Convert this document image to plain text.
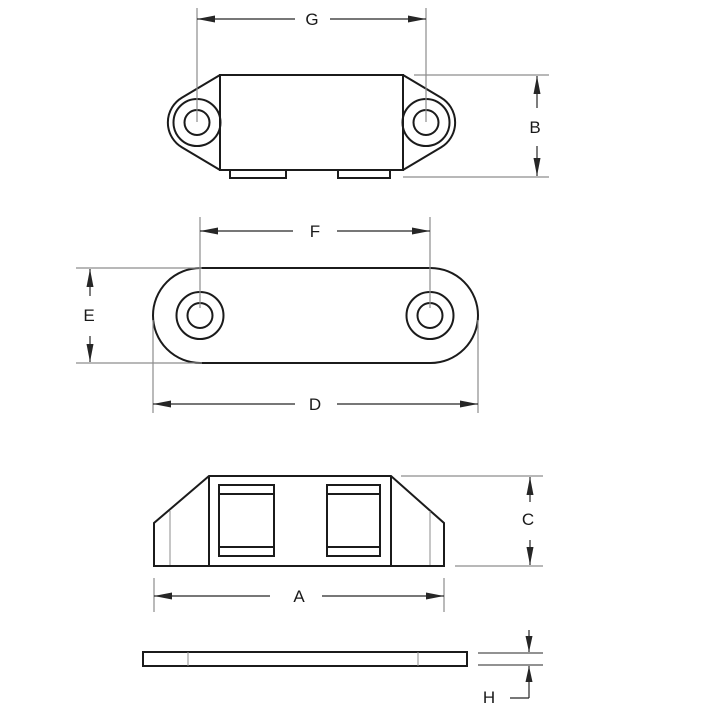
G
B
F
E
D
C
A
H
